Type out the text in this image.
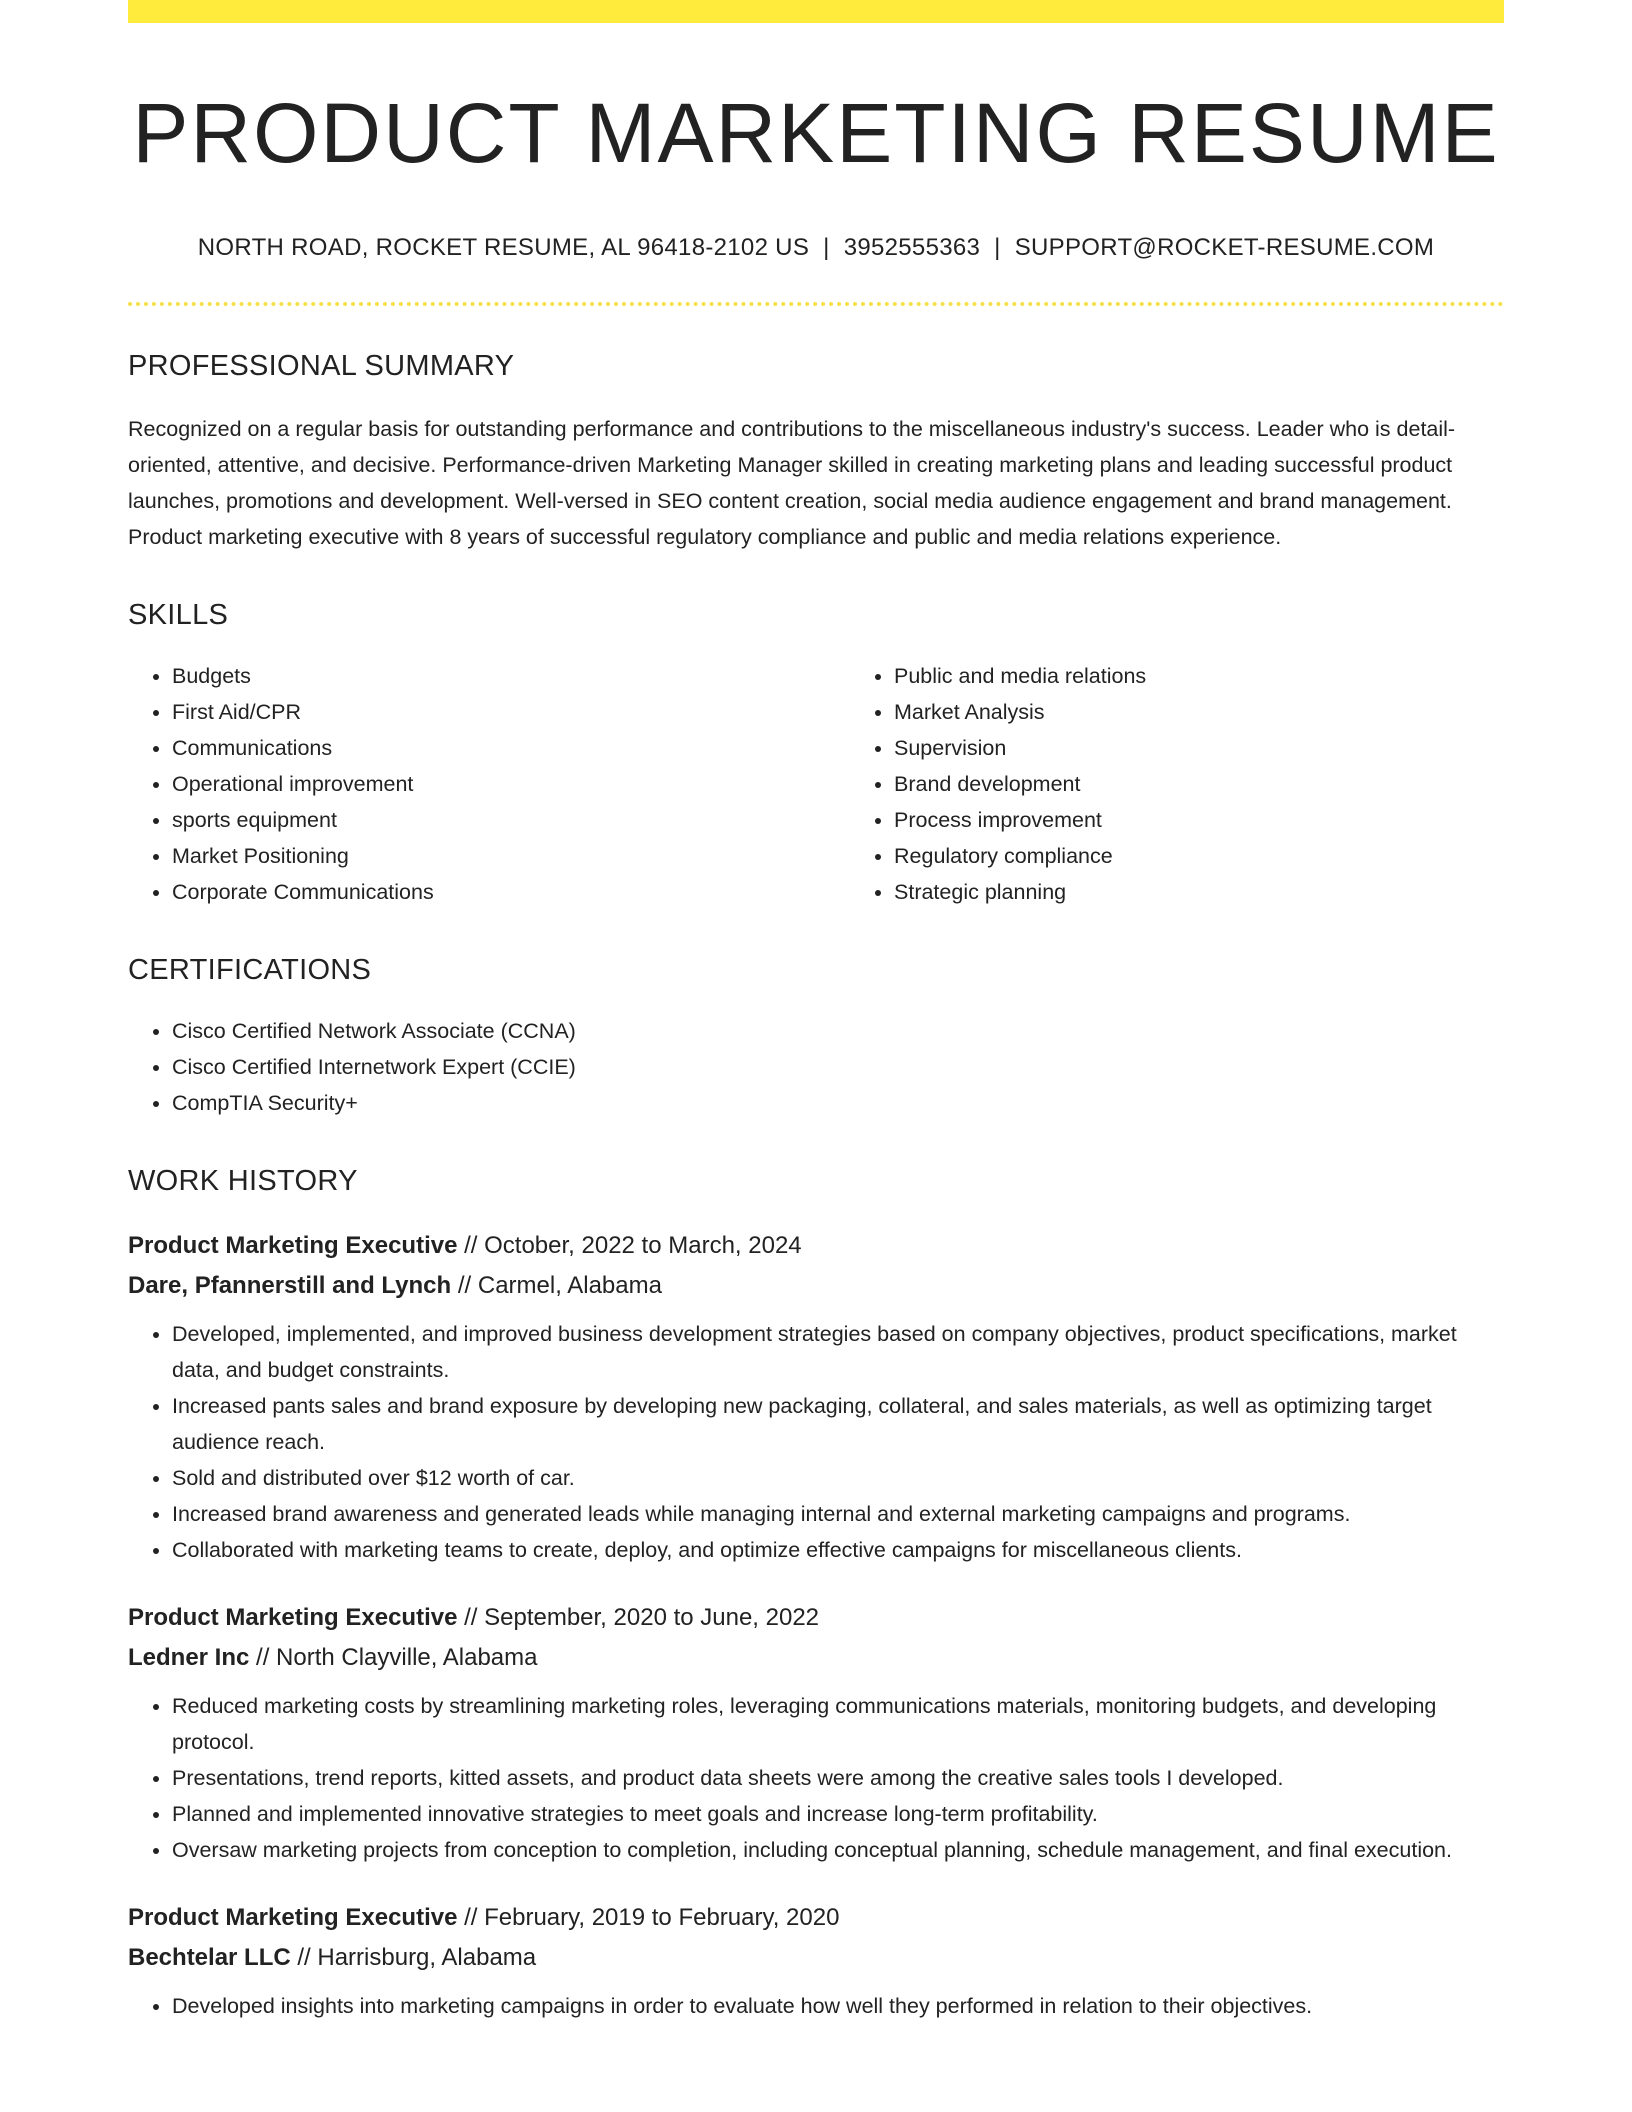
PRODUCT MARKETING RESUME
NORTH ROAD, ROCKET RESUME, AL 96418-2102 US | 3952555363 | SUPPORT@ROCKET-RESUME.COM
PROFESSIONAL SUMMARY

Recognized on a regular basis for outstanding performance and contributions to the miscellaneous industry's success. Leader who is detail-oriented, attentive, and decisive. Performance-driven Marketing Manager skilled in creating marketing plans and leading successful product launches, promotions and development. Well-versed in SEO content creation, social media audience engagement and brand management. Product marketing executive with 8 years of successful regulatory compliance and public and media relations experience.

SKILLS
• Budgets
• First Aid/CPR
• Communications
• Operational improvement
• sports equipment
• Market Positioning
• Corporate Communications
• Public and media relations
• Market Analysis
• Supervision
• Brand development
• Process improvement
• Regulatory compliance
• Strategic planning
CERTIFICATIONS
• Cisco Certified Network Associate (CCNA)
• Cisco Certified Internetwork Expert (CCIE)
• CompTIA Security+
WORK HISTORY
Product Marketing Executive // October, 2022 to March, 2024
Dare, Pfannerstill and Lynch // Carmel, Alabama
• Developed, implemented, and improved business development strategies based on company objectives, product specifications, market data, and budget constraints.
• Increased pants sales and brand exposure by developing new packaging, collateral, and sales materials, as well as optimizing target audience reach.
• Sold and distributed over $12 worth of car.
• Increased brand awareness and generated leads while managing internal and external marketing campaigns and programs.
• Collaborated with marketing teams to create, deploy, and optimize effective campaigns for miscellaneous clients.
Product Marketing Executive // September, 2020 to June, 2022
Ledner Inc // North Clayville, Alabama
• Reduced marketing costs by streamlining marketing roles, leveraging communications materials, monitoring budgets, and developing protocol.
• Presentations, trend reports, kitted assets, and product data sheets were among the creative sales tools I developed.
• Planned and implemented innovative strategies to meet goals and increase long-term profitability.
• Oversaw marketing projects from conception to completion, including conceptual planning, schedule management, and final execution.
Product Marketing Executive // February, 2019 to February, 2020
Bechtelar LLC // Harrisburg, Alabama
• Developed insights into marketing campaigns in order to evaluate how well they performed in relation to their objectives.
